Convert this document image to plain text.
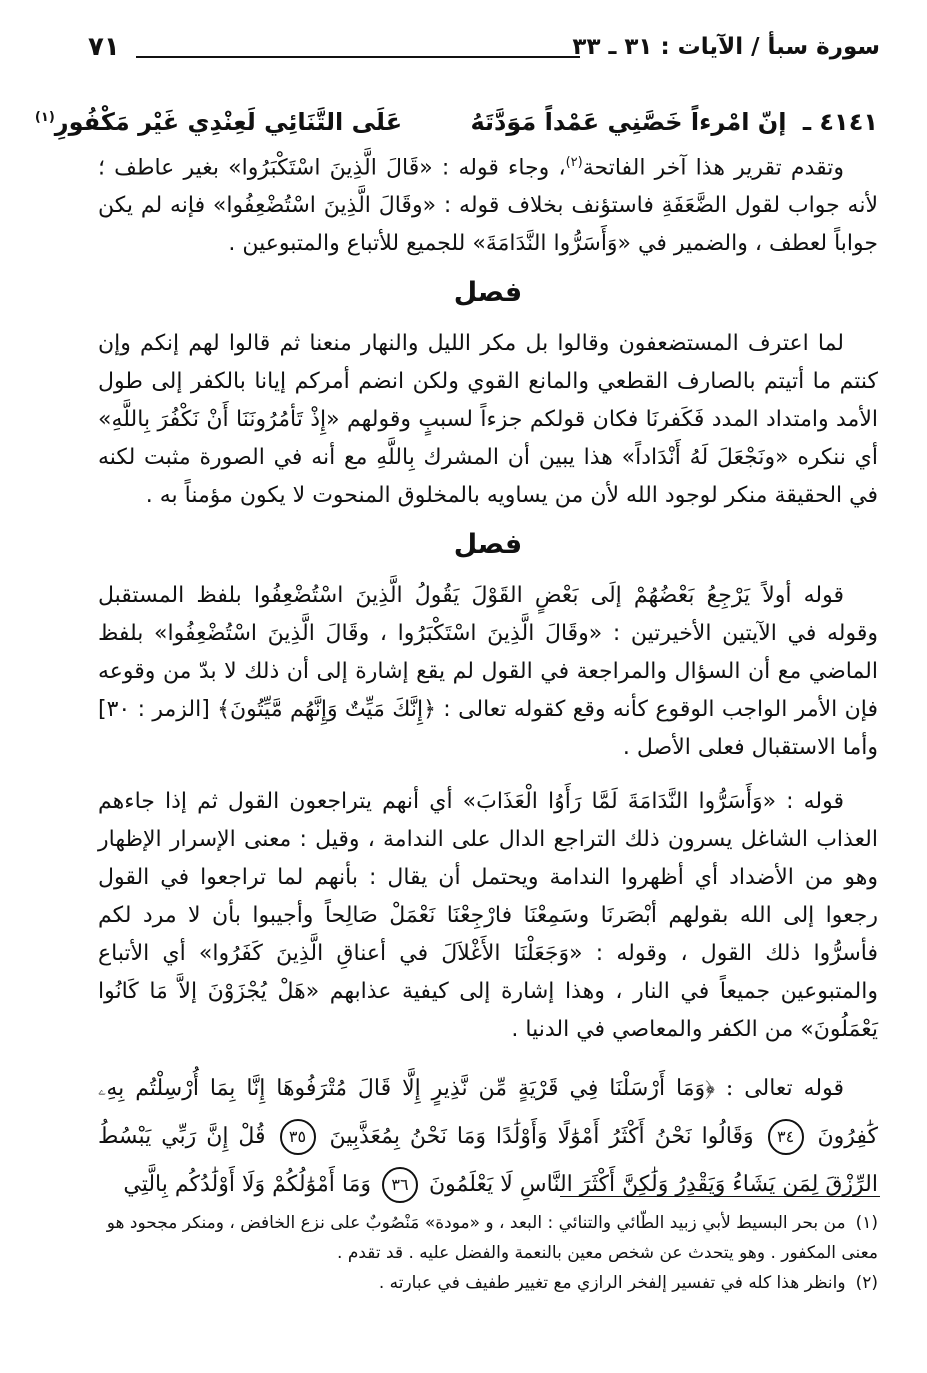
٧١	سورة سبأ / الآيات : ٣١ ـ ٣٣
٤١٤١ ـ إنّ امْرءاً خَصَّنِي عَمْداً مَوَدَّتَهُ عَلَى التَّنَائِي لَعِنْدِي غَيْر مَكْفُورِ$^{(١)}$

وتقدم تقرير هذا آخر الفاتحة$^{(٢)}$، وجاء قوله : «قَالَ الَّذِينَ اسْتَكْبَرُوا» بغير عاطف ؛ لأنه جواب لقول الضَّعَفَةِ فاستؤنف بخلاف قوله : «وقَالَ الَّذِينَ اسْتُضْعِفُوا» فإنه لم يكن جواباً لعطف ، والضمير في «وَأَسَرُّوا النَّدَامَةَ» للجميع للأتباع والمتبوعين .

فصل

لما اعترف المستضعفون وقالوا بل مكر الليل والنهار منعنا ثم قالوا لهم إنكم وإن كنتم ما أتيتم بالصارف القطعي والمانع القوي ولكن انضم أمركم إيانا بالكفر إلى طول الأمد وامتداد المدد فَكَفرنَا فكان قولكم جزءاً لسببٍ وقولهم «إِذْ تَأمُرُونَنَا أَنْ نَكْفُرَ بِاللَّهِ» أي ننكره «ونَجْعَلَ لَهُ أَنْدَاداً» هذا يبين أن المشرك بِاللَّهِ مع أنه في الصورة مثبت لكنه في الحقيقة منكر لوجود الله لأن من يساويه بالمخلوق المنحوت لا يكون مؤمناً به .

فصل

قوله أولاً يَرْجِعُ بَعْضُهُمْ إلَى بَعْضٍ القَوْلَ يَقُولُ الَّذِينَ اسْتُضْعِفُوا بلفظ المستقبل وقوله في الآيتين الأخيرتين : «وقَالَ الَّذِينَ اسْتَكْبَرُوا ، وقَالَ الَّذِينَ اسْتُضْعِفُوا» بلفظ الماضي مع أن السؤال والمراجعة في القول لم يقع إشارة إلى أن ذلك لا بدّ من وقوعه فإن الأمر الواجب الوقوع كأنه وقع كقوله تعالى : ﴿إِنَّكَ مَيِّتٌ وَإِنَّهُم مَّيِّتُونَ﴾ [الزمر : ٣٠] وأما الاستقبال فعلى الأصل .

قوله : «وَأَسَرُّوا النَّدَامَةَ لَمَّا رَأَوُا الْعَذَابَ» أي أنهم يتراجعون القول ثم إذا جاءهم العذاب الشاغل يسرون ذلك التراجع الدال على الندامة ، وقيل : معنى الإسرار الإظهار وهو من الأضداد أي أظهروا الندامة ويحتمل أن يقال : بأنهم لما تراجعوا في القول رجعوا إلى الله بقولهم أبْصَرنَا وسَمِعْنَا فارْجِعْنَا نَعْمَلْ صَالِحاً وأجيبوا بأن لا مرد لكم فأسرُّوا ذلك القول ، وقوله : «وَجَعَلْنَا الأَغْلاَلَ في أعناقِ الَّذِينَ كَفَرُوا» أي الأتباع والمتبوعين جميعاً في النار ، وهذا إشارة إلى كيفية عذابهم «هَلْ يُجْزَوْنَ إلاَّ مَا كَانُوا يَعْمَلُونَ» من الكفر والمعاصي في الدنيا .

قوله تعالى : ﴿وَمَا أَرْسَلْنَا فِي قَرْيَةٍ مِّن نَّذِيرٍ إِلَّا قَالَ مُتْرَفُوهَا إِنَّا بِمَا أُرْسِلْتُم بِهِۦ كَٰفِرُونَ ٣٤ وَقَالُوا نَحْنُ أَكْثَرُ أَمْوَٰلًا وَأَوْلَٰدًا وَمَا نَحْنُ بِمُعَذَّبِينَ ٣٥ قُلْ إِنَّ رَبِّي يَبْسُطُ الرِّزْقَ لِمَن يَشَاءُ وَيَقْدِرُ وَلَٰكِنَّ أَكْثَرَ النَّاسِ لَا يَعْلَمُونَ ٣٦ وَمَا أَمْوَٰلُكُمْ وَلَا أَوْلَٰدُكُم بِالَّتِي

(١)من بحر البسيط لأبي زبيد الطّائي والتنائي : البعد ، و «مودة» مَنْصُوبٌ على نزع الخافض ، ومنكر مجحود هو معنى المكفور . وهو يتحدث عن شخص معين بالنعمة والفضل عليه . قد تقدم .
(٢)وانظر هذا كله في تفسير إلفخر الرازي مع تغيير طفيف في عبارته .
